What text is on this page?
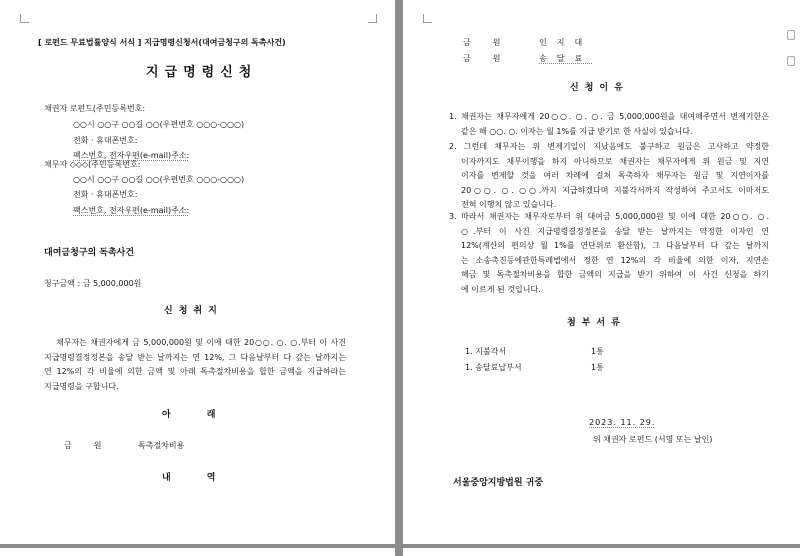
[ 로펀드 무료법률양식 서식 ] 지급명령신청서(대여금청구의 독촉사건)
지급명령신청
채권자 로펀드(주민등록번호:
○○시 ○○구 ○○길 ○○(우편번호 ○○○-○○○)
전화 · 휴대폰번호:
팩스번호, 전자우편(e-mail)주소:
채무자 ◇◇◇(주민등록번호:
○○시 ○○구 ○○길 ○○(우편번호 ○○○-○○○)
전화 · 휴대폰번호:
팩스번호, 전자우편(e-mail)주소:
대여금청구의 독촉사건
청구금액 : 금 5,000,000원
신청취지
채무자는 채권자에게 금 5,000,000원 및 이에 대한 20○○. ○. ○.부터 이 사건
지급명령결정정본을 송달 받는 날까지는 연 12%, 그 다음날부터 다 갚는 날까지는
연 12%의 각 비율에 의한 금액 및 아래 독촉절차비용을 합한 금액을 지급하라는
지급명령을 구합니다.
아래
금원 독촉절차비용
내역
금원 인지대
금원 송달료
신청이유
1. 채권자는 채무자에게 20○○. ○. ○. 금 5,000,000원을 대여해주면서 변제기한은
같은 해 ○○. ○. 이자는 월 1%를 지급 받기로 한 사실이 있습니다.
2. 그런데 채무자는 위 변제기일이 지났음에도 불구하고 원금은 고사하고 약정한
이자까지도 채무이행을 하지 아니하므로 채권자는 채무자에게 위 원금 및 지연
이자를 변제할 것을 여러 차례에 걸쳐 독촉하자 채무자는 원금 및 지연이자를
20○○. ○. ○○.까지 지급하겠다며 지불각서까지 작성하여 주고서도 이마저도
전혀 이행치 않고 있습니다.
3. 따라서 채권자는 채무자로부터 위 대여금 5,000,000원 및 이에 대한 20○○. ○.
○.부터 이 사건 지급명령결정정본을 송달 받는 날까지는 약정한 이자인 연
12%(계산의 편의상 월 1%를 연단위로 환산함), 그 다음날부터 다 갚는 날까지
는 소송촉진등에관한특례법에서 정한 연 12%의 각 비율에 의한 이자, 지연손
해금 및 독촉절차비용을 합한 금액의 지급을 받기 위하여 이 사건 신청을 하기
에 이르게 된 것입니다.
첨부서류
1. 지불각서	1통
1. 송달료납부서	1통
2023. 11. 29.
위 채권자 로펀드 (서명 또는 날인)
서울중앙지방법원 귀중
